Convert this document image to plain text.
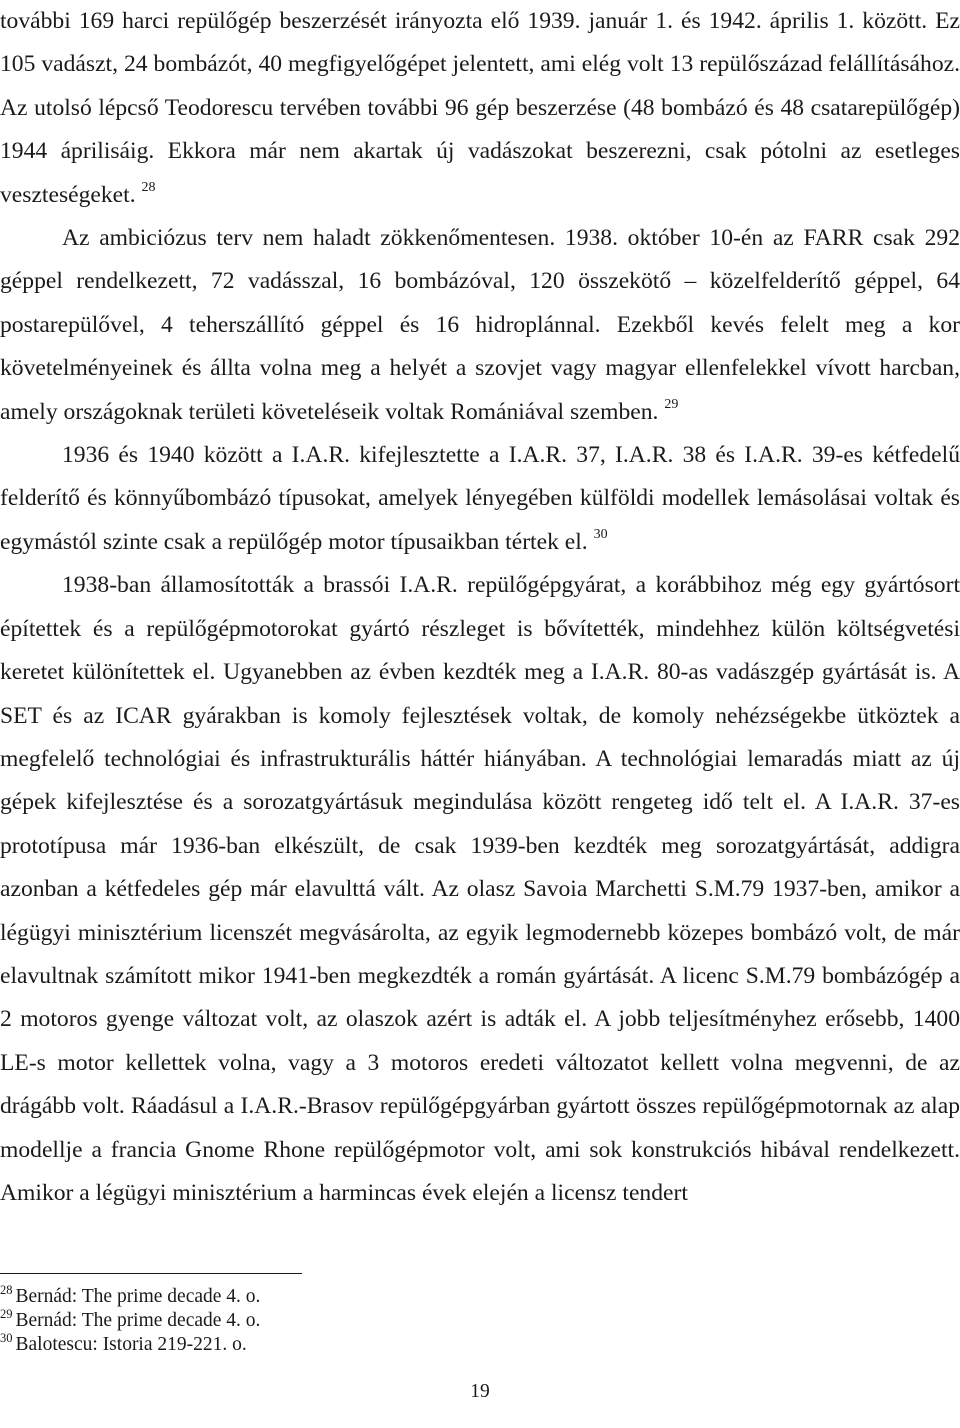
további 169 harci repülőgép beszerzését irányozta elő 1939. január 1. és 1942. április 1. között. Ez 105 vadászt, 24 bombázót, 40 megfigyelőgépet jelentett, ami elég volt 13 repülőszázad felállításához. Az utolsó lépcső Teodorescu tervében további 96 gép beszerzése (48 bombázó és 48 csatarepülőgép) 1944 áprilisáig. Ekkora már nem akartak új vadászokat beszerezni, csak pótolni az esetleges veszteségeket. $^{28}$

Az ambiciózus terv nem haladt zökkenőmentesen. 1938. október 10-én az FARR csak 292 géppel rendelkezett, 72 vadásszal, 16 bombázóval, 120 összekötő – közelfelderítő géppel, 64 postarepülővel, 4 teherszállító géppel és 16 hidroplánnal. Ezekből kevés felelt meg a kor követelményeinek és állta volna meg a helyét a szovjet vagy magyar ellenfelekkel vívott harcban, amely országoknak területi követeléseik voltak Romániával szemben. $^{29}$

1936 és 1940 között a I.A.R. kifejlesztette a I.A.R. 37, I.A.R. 38 és I.A.R. 39-es kétfedelű felderítő és könnyűbombázó típusokat, amelyek lényegében külföldi modellek lemásolásai voltak és egymástól szinte csak a repülőgép motor típusaikban tértek el. $^{30}$

1938-ban államosították a brassói I.A.R. repülőgépgyárat, a korábbihoz még egy gyártósort építettek és a repülőgépmotorokat gyártó részleget is bővítették, mindehhez külön költségvetési keretet különítettek el. Ugyanebben az évben kezdték meg a I.A.R. 80-as vadászgép gyártását is. A SET és az ICAR gyárakban is komoly fejlesztések voltak, de komoly nehézségekbe ütköztek a megfelelő technológiai és infrastrukturális háttér hiányában. A technológiai lemaradás miatt az új gépek kifejlesztése és a sorozatgyártásuk megindulása között rengeteg idő telt el. A I.A.R. 37-es prototípusa már 1936-ban elkészült, de csak 1939-ben kezdték meg sorozatgyártását, addigra azonban a kétfedeles gép már elavulttá vált. Az olasz Savoia Marchetti S.M.79 1937-ben, amikor a légügyi minisztérium licenszét megvásárolta, az egyik legmodernebb közepes bombázó volt, de már elavultnak számított mikor 1941-ben megkezdték a román gyártását. A licenc S.M.79 bombázógép a 2 motoros gyenge változat volt, az olaszok azért is adták el. A jobb teljesítményhez erősebb, 1400 LE-s motor kellettek volna, vagy a 3 motoros eredeti változatot kellett volna megvenni, de az drágább volt. Ráadásul a I.A.R.-Brasov repülőgépgyárban gyártott összes repülőgépmotornak az alap modellje a francia Gnome Rhone repülőgépmotor volt, ami sok konstrukciós hibával rendelkezett. Amikor a légügyi minisztérium a harmincas évek elején a licensz tendert

$^{28}$ Bernád: The prime decade 4. o.
$^{29}$ Bernád: The prime decade 4. o.
$^{30}$ Balotescu: Istoria 219-221. o.
19
